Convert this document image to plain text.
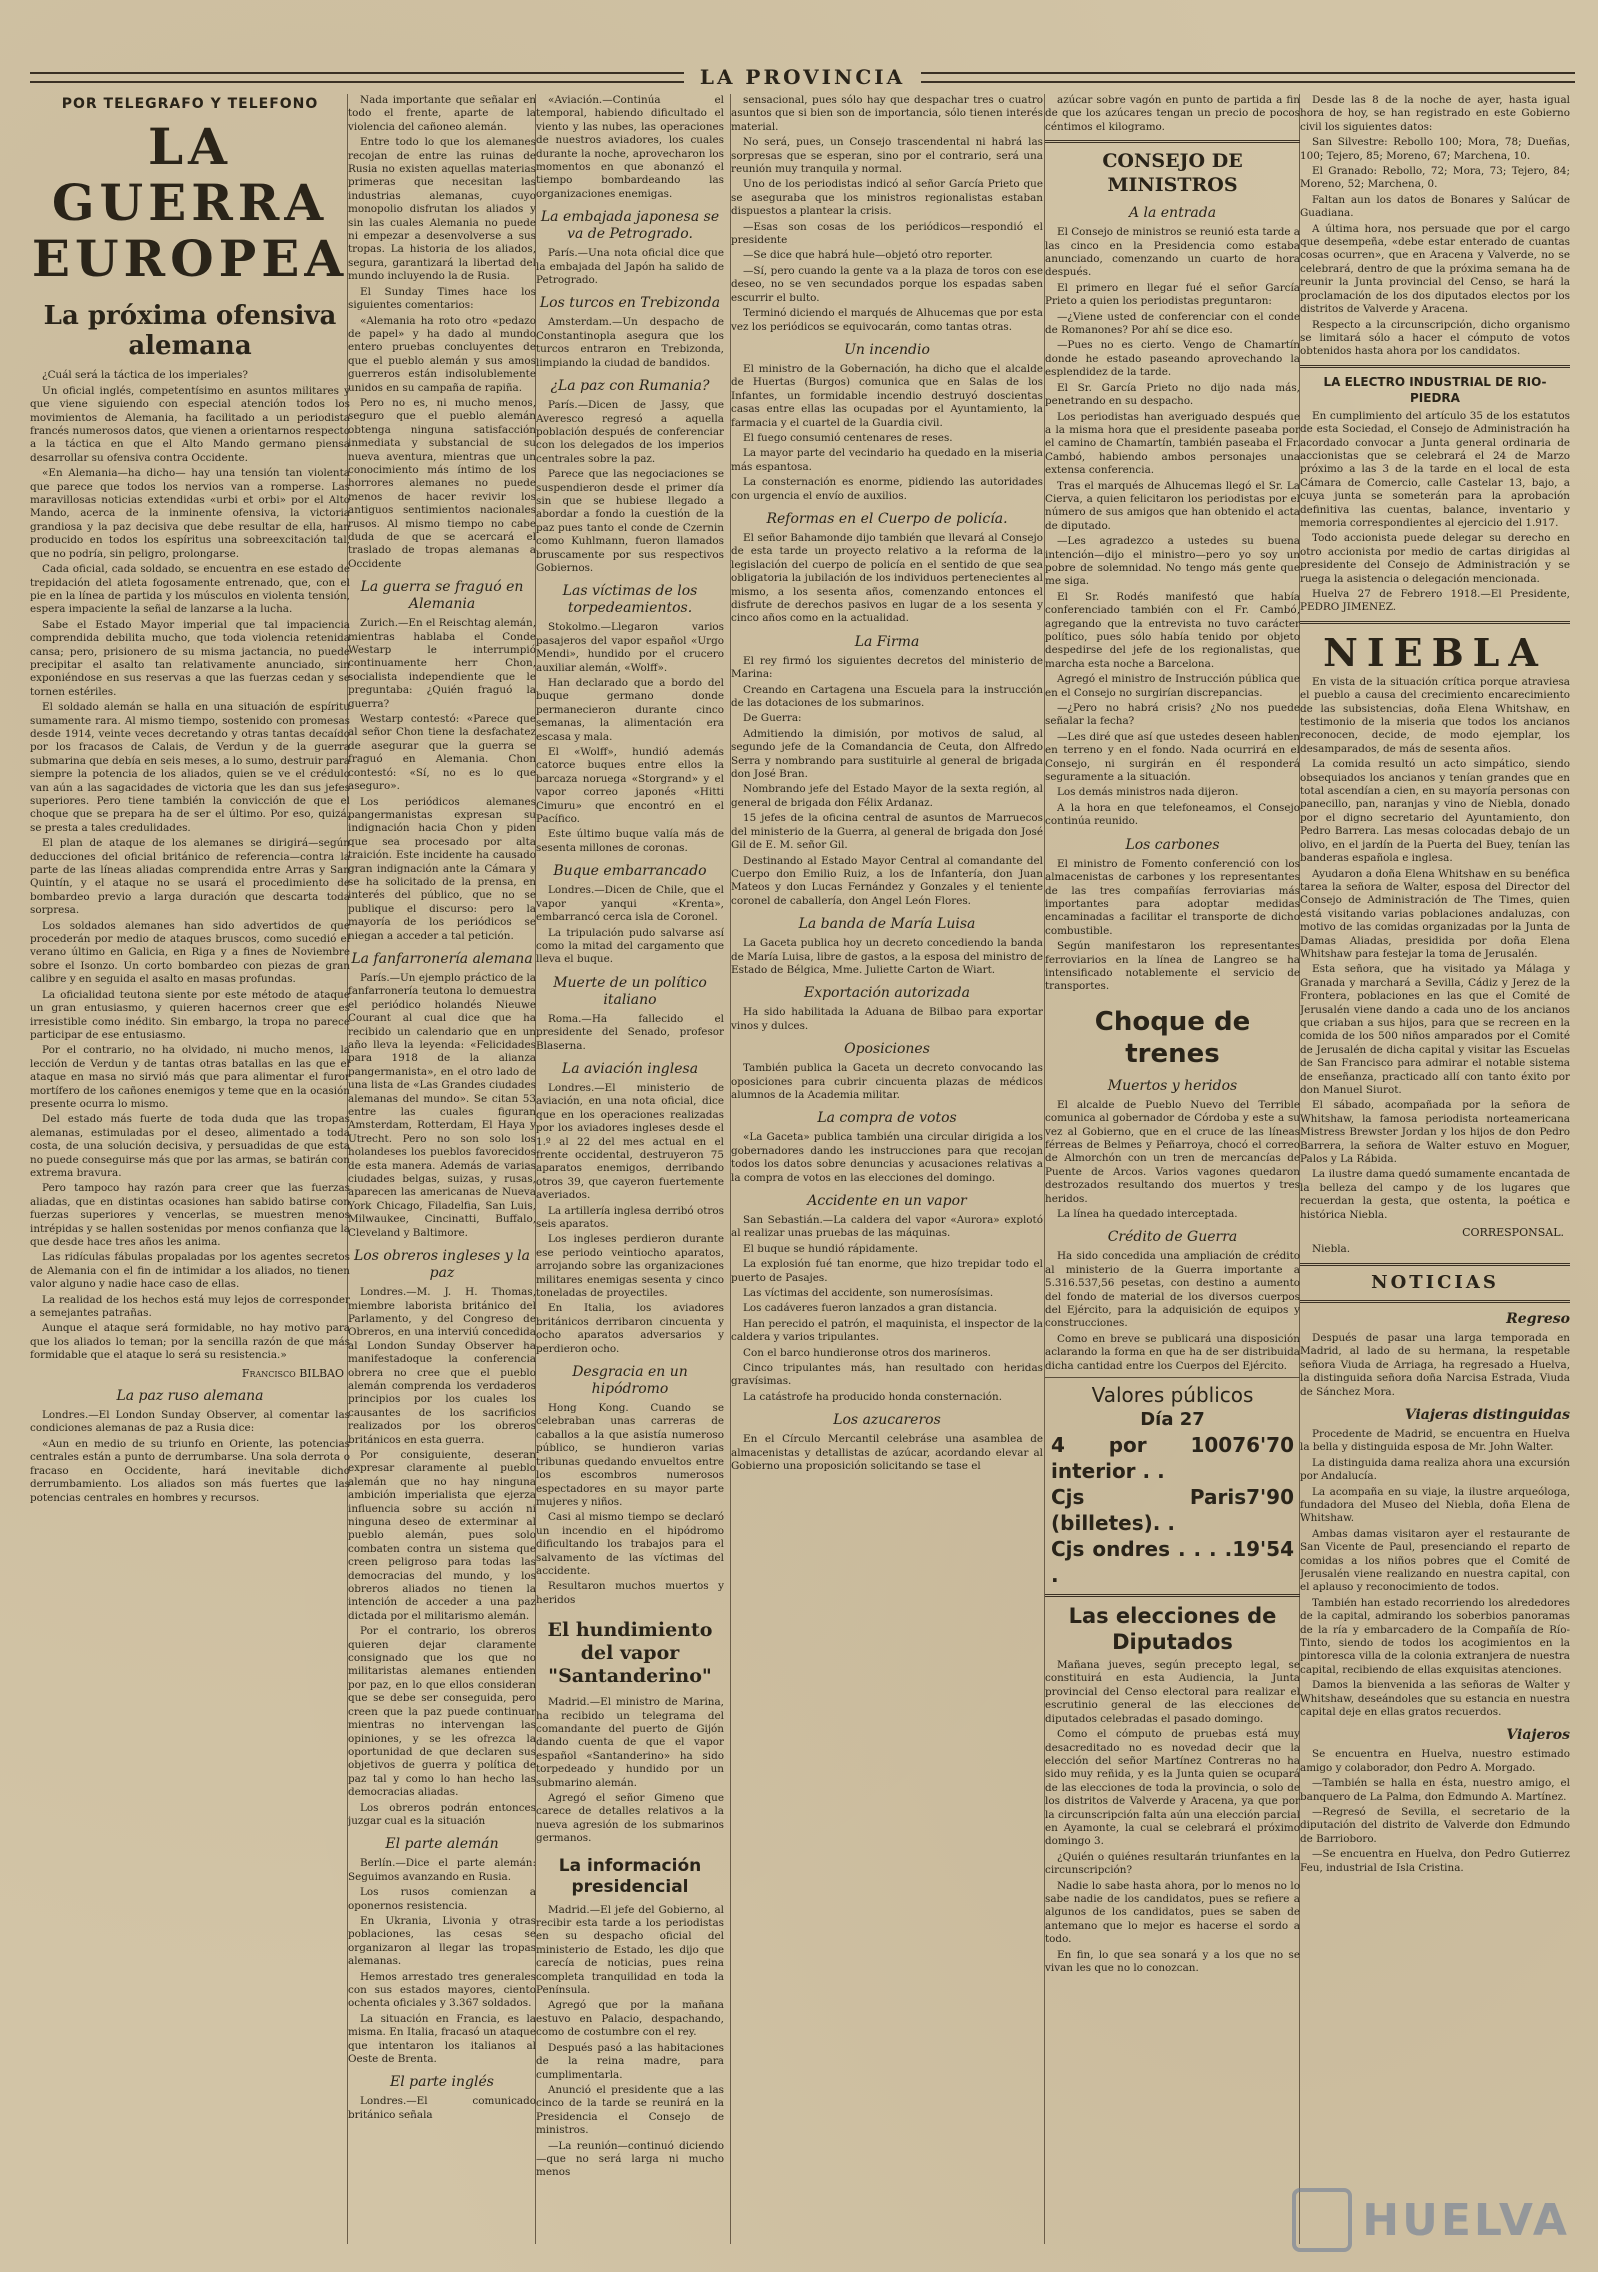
LA PROVINCIA
POR TELEGRAFO Y TELEFONO
LA GUERRA
EUROPEA
La próxima ofensiva alemana

¿Cuál será la táctica de los imperiales?

Un oficial inglés, competentísimo en asuntos militares y que viene siguiendo con especial atención todos los movimientos de Alemania, ha facilitado a un periodista francés numerosos datos, que vienen a orientarnos respecto a la táctica en que el Alto Mando germano piensa desarrollar su ofensiva contra Occidente.

«En Alemania—ha dicho— hay una tensión tan violenta que parece que todos los nervios van a romperse. Las maravillosas noticias extendidas «urbi et orbi» por el Alto Mando, acerca de la inminente ofensiva, la victoria grandiosa y la paz decisiva que debe resultar de ella, han producido en todos los espíritus una sobreexcitación tal, que no podría, sin peligro, prolongarse.

Cada oficial, cada soldado, se encuentra en ese estado de trepidación del atleta fogosamente entrenado, que, con el pie en la línea de partida y los músculos en violenta tensión, espera impaciente la señal de lanzarse a la lucha.

Sabe el Estado Mayor imperial que tal impaciencia comprendida debilita mucho, que toda violencia retenida cansa; pero, prisionero de su misma jactancia, no puede precipitar el asalto tan relativamente anunciado, sin exponiéndose en sus reservas a que las fuerzas cedan y se tornen estériles.

El soldado alemán se halla en una situación de espíritu sumamente rara. Al mismo tiempo, sostenido con promesas desde 1914, veinte veces decretando y otras tantas decaído por los fracasos de Calais, de Verdun y de la guerra submarina que debía en seis meses, a lo sumo, destruir para siempre la potencia de los aliados, quien se ve el crédulo van aún a las sagacidades de victoria que les dan sus jefes superiores. Pero tiene también la convicción de que el choque que se prepara ha de ser el último. Por eso, quizá, se presta a tales credulidades.

El plan de ataque de los alemanes se dirigirá—según deducciones del oficial británico de referencia—contra la parte de las líneas aliadas comprendida entre Arras y San Quintín, y el ataque no se usará el procedimiento de bombardeo previo a larga duración que descarta toda sorpresa.

Los soldados alemanes han sido advertidos de que procederán por medio de ataques bruscos, como sucedió el verano último en Galicia, en Riga y a fines de Noviembre sobre el Isonzo. Un corto bombardeo con piezas de gran calibre y en seguida el asalto en masas profundas.

La oficialidad teutona siente por este método de ataque un gran entusiasmo, y quieren hacernos creer que es irresistible como inédito. Sin embargo, la tropa no parece participar de ese entusiasmo.

Por el contrario, no ha olvidado, ni mucho menos, la lección de Verdun y de tantas otras batallas en las que el ataque en masa no sirvió más que para alimentar el furor mortífero de los cañones enemigos y teme que en la ocasión presente ocurra lo mismo.

Del estado más fuerte de toda duda que las tropas alemanas, estimuladas por el deseo, alimentado a toda costa, de una solución decisiva, y persuadidas de que esta no puede conseguirse más que por las armas, se batirán con extrema bravura.

Pero tampoco hay razón para creer que las fuerzas aliadas, que en distintas ocasiones han sabido batirse con fuerzas superiores y vencerlas, se muestren menos intrépidas y se hallen sostenidas por menos confianza que la que desde hace tres años les anima.

Las ridículas fábulas propaladas por los agentes secretos de Alemania con el fin de intimidar a los aliados, no tienen valor alguno y nadie hace caso de ellas.

La realidad de los hechos está muy lejos de corresponder a semejantes patrañas.

Aunque el ataque será formidable, no hay motivo para que los aliados lo teman; por la sencilla razón de que más formidable que el ataque lo será su resistencia.»

Francisco BILBAO
La paz ruso alemana

Londres.—El London Sunday Observer, al comentar las condiciones alemanas de paz a Rusia dice:

«Aun en medio de su triunfo en Oriente, las potencias centrales están a punto de derrumbarse. Una sola derrota o fracaso en Occidente, hará inevitable dicho derrumbamiento. Los aliados son más fuertes que las potencias centrales en hombres y recursos.

Nada importante que señalar en todo el frente, aparte de la violencia del cañoneo alemán.

Entre todo lo que los alemanes recojan de entre las ruinas de Rusia no existen aquellas materias primeras que necesitan las industrias alemanas, cuyo monopolio disfrutan los aliados y sin las cuales Alemania no puede ni empezar a desenvolverse a sus tropas. La historia de los aliados, segura, garantizará la libertad del mundo incluyendo la de Rusia.

El Sunday Times hace los siguientes comentarios:

«Alemania ha roto otro «pedazo de papel» y ha dado al mundo entero pruebas concluyentes de que el pueblo alemán y sus amos guerreros están indisolublemente unidos en su campaña de rapiña.

Pero no es, ni mucho menos, seguro que el pueblo alemán obtenga ninguna satisfacción inmediata y substancial de su nueva aventura, mientras que un conocimiento más íntimo de los horrores alemanes no puede menos de hacer revivir los antiguos sentimientos nacionales rusos. Al mismo tiempo no cabe duda de que se acercará el traslado de tropas alemanas a Occidente

La guerra se fraguó en Alemania

Zurich.—En el Reischtag alemán, mientras hablaba el Conde Westarp le interrumpió continuamente herr Chon, socialista independiente que le preguntaba: ¿Quién fraguó la guerra?

Westarp contestó: «Parece que al señor Chon tiene la desfachatez de asegurar que la guerra se fraguó en Alemania. Chon contestó: «Sí, no es lo que aseguro».

Los periódicos alemanes pangermanistas expresan su indignación hacia Chon y piden que sea procesado por alta traición. Este incidente ha causado gran indignación ante la Cámara y se ha solicitado de la prensa, en interés del público, que no se publique el discurso: pero la mayoría de los periódicos se niegan a acceder a tal petición.

La fanfarronería alemana

París.—Un ejemplo práctico de la fanfarronería teutona lo demuestra el periódico holandés Nieuwe Courant al cual dice que ha recibido un calendario que en un año lleva la leyenda: «Felicidades para 1918 de la alianza pangermanista», en el otro lado de una lista de «Las Grandes ciudades alemanas del mundo». Se citan 53 entre las cuales figuran Amsterdam, Rotterdam, El Haya y Utrecht. Pero no son solo los holandeses los pueblos favorecidos de esta manera. Además de varias ciudades belgas, suizas, y rusas, aparecen las americanas de Nueva York Chicago, Filadelfia, San Luis, Milwaukee, Cincinatti, Buffalo, Cleveland y Baltimore.

Los obreros ingleses y la paz

Londres.—M. J. H. Thomas, miembre laborista británico del Parlamento, y del Congreso de Obreros, en una interviú concedida al London Sunday Observer ha manifestadoque la conferencia obrera no cree que el pueblo alemán comprenda los verdaderos principios por los cuales los causantes de los sacrificios realizados por los obreros británicos en esta guerra.

Por consiguiente, deseran expresar claramente al pueblo alemán que no hay ninguna ambición imperialista que ejerza influencia sobre su acción ni ninguna deseo de exterminar al pueblo alemán, pues solo combaten contra un sistema que creen peligroso para todas las democracias del mundo, y los obreros aliados no tienen la intención de acceder a una paz dictada por el militarismo alemán.

Por el contrario, los obreros quieren dejar claramente consignado que los que no militaristas alemanes entienden por paz, en lo que ellos consideran que se debe ser conseguida, pero creen que la paz puede continuar mientras no intervengan las opiniones, y se les ofrezca la oportunidad de que declaren sus objetivos de guerra y política de paz tal y como lo han hecho las democracias aliadas.

Los obreros podrán entonces juzgar cual es la situación

El parte alemán

Berlín.—Dice el parte alemán: Seguimos avanzando en Rusia.

Los rusos comienzan a oponernos resistencia.

En Ukrania, Livonia y otras poblaciones, las cesas se organizaron al llegar las tropas alemanas.

Hemos arrestado tres generales con sus estados mayores, ciento ochenta oficiales y 3.367 soldados.

La situación en Francia, es la misma. En Italia, fracasó un ataque que intentaron los italianos al Oeste de Brenta.

El parte inglés

Londres.—El comunicado británico señala

«Aviación.—Continúa el temporal, habiendo dificultado el viento y las nubes, las operaciones de nuestros aviadores, los cuales durante la noche, aprovecharon los momentos en que abonanzó el tiempo bombardeando las organizaciones enemigas.

La embajada japonesa se va de Petrogrado.

París.—Una nota oficial dice que la embajada del Japón ha salido de Petrogrado.

Los turcos en Trebizonda

Amsterdam.—Un despacho de Constantinopla asegura que los turcos entraron en Trebizonda, limpiando la ciudad de bandidos.

¿La paz con Rumania?

París.—Dicen de Jassy, que Averesco regresó a aquella población después de conferenciar con los delegados de los imperios centrales sobre la paz.

Parece que las negociaciones se suspendieron desde el primer día sin que se hubiese llegado a abordar a fondo la cuestión de la paz pues tanto el conde de Czernin como Kuhlmann, fueron llamados bruscamente por sus respectivos Gobiernos.

Las víctimas de los torpedeamientos.

Stokolmo.—Llegaron varios pasajeros del vapor español «Urgo Mendi», hundido por el crucero auxiliar alemán, «Wolff».

Han declarado que a bordo del buque germano donde permanecieron durante cinco semanas, la alimentación era escasa y mala.

El «Wolff», hundió además catorce buques entre ellos la barcaza noruega «Storgrand» y el vapor correo japonés «Hitti Cimuru» que encontró en el Pacífico.

Este último buque valía más de sesenta millones de coronas.

Buque embarrancado

Londres.—Dicen de Chile, que el vapor yanqui «Krenta», embarrancó cerca isla de Coronel.

La tripulación pudo salvarse así como la mitad del cargamento que lleva el buque.

Muerte de un político italiano

Roma.—Ha fallecido el presidente del Senado, profesor Blaserna.

La aviación inglesa

Londres.—El ministerio de aviación, en una nota oficial, dice que en los operaciones realizadas por los aviadores ingleses desde el 1.º al 22 del mes actual en el frente occidental, destruyeron 75 aparatos enemigos, derribando otros 39, que cayeron fuertemente averiados.

La artillería inglesa derribó otros seis aparatos.

Los ingleses perdieron durante ese periodo veintiocho aparatos, arrojando sobre las organizaciones militares enemigas sesenta y cinco toneladas de proyectiles.

En Italia, los aviadores británicos derribaron cincuenta y ocho aparatos adversarios y perdieron ocho.

Desgracia en un hipódromo

Hong Kong. Cuando se celebraban unas carreras de caballos a la que asistía numeroso público, se hundieron varias tribunas quedando envueltos entre los escombros numerosos espectadores en su mayor parte mujeres y niños.

Casi al mismo tiempo se declaró un incendio en el hipódromo dificultando los trabajos para el salvamento de las víctimas del accidente.

Resultaron muchos muertos y heridos

El hundimiento del vapor "Santanderino"

Madrid.—El ministro de Marina, ha recibido un telegrama del comandante del puerto de Gijón dando cuenta de que el vapor español «Santanderino» ha sido torpedeado y hundido por un submarino alemán.

Agregó el señor Gimeno que carece de detalles relativos a la nueva agresión de los submarinos germanos.

La información presidencial

Madrid.—El jefe del Gobierno, al recibir esta tarde a los periodistas en su despacho oficial del ministerio de Estado, les dijo que carecía de noticias, pues reina completa tranquilidad en toda la Península.

Agregó que por la mañana estuvo en Palacio, despachando, como de costumbre con el rey.

Después pasó a las habitaciones de la reina madre, para cumplimentarla.

Anunció el presidente que a las cinco de la tarde se reunirá en la Presidencia el Consejo de ministros.

—La reunión—continuó diciendo—que no será larga ni mucho menos

sensacional, pues sólo hay que despachar tres o cuatro asuntos que si bien son de importancia, sólo tienen interés material.

No será, pues, un Consejo trascendental ni habrá las sorpresas que se esperan, sino por el contrario, será una reunión muy tranquila y normal.

Uno de los periodistas indicó al señor García Prieto que se aseguraba que los ministros regionalistas estaban dispuestos a plantear la crisis.

—Esas son cosas de los periódicos—respondió el presidente

—Se dice que habrá hule—objetó otro reporter.

—Sí, pero cuando la gente va a la plaza de toros con ese deseo, no se ven secundados porque los espadas saben escurrir el bulto.

Terminó diciendo el marqués de Alhucemas que por esta vez los periódicos se equivocarán, como tantas otras.

Un incendio

El ministro de la Gobernación, ha dicho que el alcalde de Huertas (Burgos) comunica que en Salas de los Infantes, un formidable incendio destruyó doscientas casas entre ellas las ocupadas por el Ayuntamiento, la farmacia y el cuartel de la Guardia civil.

El fuego consumió centenares de reses.

La mayor parte del vecindario ha quedado en la miseria más espantosa.

La consternación es enorme, pidiendo las autoridades con urgencia el envío de auxilios.

Reformas en el Cuerpo de policía.

El señor Bahamonde dijo también que llevará al Consejo de esta tarde un proyecto relativo a la reforma de la legislación del cuerpo de policía en el sentido de que sea obligatoria la jubilación de los individuos pertenecientes al mismo, a los sesenta años, comenzando entonces el disfrute de derechos pasivos en lugar de a los sesenta y cinco años como en la actualidad.

La Firma

El rey firmó los siguientes decretos del ministerio de Marina:

Creando en Cartagena una Escuela para la instrucción de las dotaciones de los submarinos.

De Guerra:

Admitiendo la dimisión, por motivos de salud, al segundo jefe de la Comandancia de Ceuta, don Alfredo Serra y nombrando para sustituirle al general de brigada don José Bran.

Nombrando jefe del Estado Mayor de la sexta región, al general de brigada don Félix Ardanaz.

15 jefes de la oficina central de asuntos de Marruecos del ministerio de la Guerra, al general de brigada don José Gil de E. M. señor Gil.

Destinando al Estado Mayor Central al comandante del Cuerpo don Emilio Ruiz, a los de Infantería, don Juan Mateos y don Lucas Fernández y Gonzales y el teniente coronel de caballería, don Angel León Flores.

La banda de María Luisa

La Gaceta publica hoy un decreto concediendo la banda de María Luisa, libre de gastos, a la esposa del ministro de Estado de Bélgica, Mme. Juliette Carton de Wiart.

Exportación autorizada

Ha sido habilitada la Aduana de Bilbao para exportar vinos y dulces.

Oposiciones

También publica la Gaceta un decreto convocando las oposiciones para cubrir cincuenta plazas de médicos alumnos de la Academia militar.

La compra de votos

«La Gaceta» publica también una circular dirigida a los gobernadores dando les instrucciones para que recojan todos los datos sobre denuncias y acusaciones relativas a la compra de votos en las elecciones del domingo.

Accidente en un vapor

San Sebastián.—La caldera del vapor «Aurora» explotó al realizar unas pruebas de las máquinas.

El buque se hundió rápidamente.

La explosión fué tan enorme, que hizo trepidar todo el puerto de Pasajes.

Las víctimas del accidente, son numerosísimas.

Los cadáveres fueron lanzados a gran distancia.

Han perecido el patrón, el maquinista, el inspector de la caldera y varios tripulantes.

Con el barco hundieronse otros dos marineros.

Cinco tripulantes más, han resultado con heridas gravísimas.

La catástrofe ha producido honda consternación.

Los azucareros

En el Círculo Mercantil celebráse una asamblea de almacenistas y detallistas de azúcar, acordando elevar al Gobierno una proposición solicitando se tase el

azúcar sobre vagón en punto de partida a fin de que los azúcares tengan un precio de pocos céntimos el kilogramo.

CONSEJO DE MINISTROS
A la entrada

El Consejo de ministros se reunió esta tarde a las cinco en la Presidencia como estaba anunciado, comenzando un cuarto de hora después.

El primero en llegar fué el señor García Prieto a quien los periodistas preguntaron:

—¿Viene usted de conferenciar con el conde de Romanones? Por ahí se dice eso.

—Pues no es cierto. Vengo de Chamartín donde he estado paseando aprovechando la esplendidez de la tarde.

El Sr. García Prieto no dijo nada más, penetrando en su despacho.

Los periodistas han averiguado después que a la misma hora que el presidente paseaba por el camino de Chamartín, también paseaba el Fr. Cambó, habiendo ambos personajes una extensa conferencia.

Tras el marqués de Alhucemas llegó el Sr. La Cierva, a quien felicitaron los periodistas por el número de sus amigos que han obtenido el acta de diputado.

—Les agradezco a ustedes su buena intención—dijo el ministro—pero yo soy un pobre de solemnidad. No tengo más gente que me siga.

El Sr. Rodés manifestó que había conferenciado también con el Fr. Cambó, agregando que la entrevista no tuvo carácter político, pues sólo había tenido por objeto despedirse del jefe de los regionalistas, que marcha esta noche a Barcelona.

Agregó el ministro de Instrucción pública que en el Consejo no surgirían discrepancias.

—¿Pero no habrá crisis? ¿No nos puede señalar la fecha?

—Les diré que así que ustedes deseen hablen en terreno y en el fondo. Nada ocurrirá en el Consejo, ni surgirán en él responderá seguramente a la situación.

Los demás ministros nada dijeron.

A la hora en que telefoneamos, el Consejo continúa reunido.

Los carbones

El ministro de Fomento conferenció con los almacenistas de carbones y los representantes de las tres compañías ferroviarias más importantes para adoptar medidas encaminadas a facilitar el transporte de dicho combustible.

Según manifestaron los representantes ferroviarios en la línea de Langreo se ha intensificado notablemente el servicio de transportes.

Choque de trenes
Muertos y heridos

El alcalde de Pueblo Nuevo del Terrible comunica al gobernador de Córdoba y este a su vez al Gobierno, que en el cruce de las líneas férreas de Belmes y Peñarroya, chocó el correo de Almorchón con un tren de mercancías de Puente de Arcos. Varios vagones quedaron destrozados resultando dos muertos y tres heridos.

La línea ha quedado interceptada.

Crédito de Guerra

Ha sido concedida una ampliación de crédito al ministerio de la Guerra importante a 5.316.537,56 pesetas, con destino a aumento del fondo de material de los diversos cuerpos del Ejército, para la adquisición de equipos y construcciones.

Como en breve se publicará una disposición aclarando la forma en que ha de ser distribuida dicha cantidad entre los Cuerpos del Ejército.

Valores públicos
Día 27
4 por 100 interior . .
76'70
Cjs Paris (billetes). .
7'90
Cjs ondres . . . . .
19'54
Las elecciones de Diputados

Mañana jueves, según precepto legal, se constituirá en esta Audiencia, la Junta provincial del Censo electoral para realizar el escrutinio general de las elecciones de diputados celebradas el pasado domingo.

Como el cómputo de pruebas está muy desacreditado no es novedad decir que la elección del señor Martínez Contreras no ha sido muy reñida, y es la Junta quien se ocupará de las elecciones de toda la provincia, o solo de los distritos de Valverde y Aracena, ya que por la circunscripción falta aún una elección parcial en Ayamonte, la cual se celebrará el próximo domingo 3.

¿Quién o quiénes resultarán triunfantes en la circunscripción?

Nadie lo sabe hasta ahora, por lo menos no lo sabe nadie de los candidatos, pues se refiere a algunos de los candidatos, pues se saben de antemano que lo mejor es hacerse el sordo a todo.

En fin, lo que sea sonará y a los que no se vivan les que no lo conozcan.

Desde las 8 de la noche de ayer, hasta igual hora de hoy, se han registrado en este Gobierno civil los siguientes datos:

San Silvestre: Rebollo 100; Mora, 78; Dueñas, 100; Tejero, 85; Moreno, 67; Marchena, 10.

El Granado: Rebollo, 72; Mora, 73; Tejero, 84; Moreno, 52; Marchena, 0.

Faltan aun los datos de Bonares y Salúcar de Guadiana.

A última hora, nos persuade que por el cargo que desempeña, «debe estar enterado de cuantas cosas ocurren», que en Aracena y Valverde, no se celebrará, dentro de que la próxima semana ha de reunir la Junta provincial del Censo, se hará la proclamación de los dos diputados electos por los distritos de Valverde y Aracena.

Respecto a la circunscripción, dicho organismo se limitará sólo a hacer el cómputo de votos obtenidos hasta ahora por los candidatos.

LA ELECTRO INDUSTRIAL DE RIO-PIEDRA

En cumplimiento del artículo 35 de los estatutos de esta Sociedad, el Consejo de Administración ha acordado convocar a Junta general ordinaria de accionistas que se celebrará el 24 de Marzo próximo a las 3 de la tarde en el local de esta Cámara de Comercio, calle Castelar 13, bajo, a cuya junta se someterán para la aprobación definitiva las cuentas, balance, inventario y memoria correspondientes al ejercicio del 1.917.

Todo accionista puede delegar su derecho en otro accionista por medio de cartas dirigidas al presidente del Consejo de Administración y se ruega la asistencia o delegación mencionada.

Huelva 27 de Febrero 1918.—El Presidente, PEDRO JIMENEZ.

NIEBLA

En vista de la situación crítica porque atraviesa el pueblo a causa del crecimiento encarecimiento de las subsistencias, doña Elena Whitshaw, en testimonio de la miseria que todos los ancianos reconocen, decide, de modo ejemplar, los desamparados, de más de sesenta años.

La comida resultó un acto simpático, siendo obsequiados los ancianos y tenían grandes que en total ascendían a cien, en su mayoría personas con panecillo, pan, naranjas y vino de Niebla, donado por el digno secretario del Ayuntamiento, don Pedro Barrera. Las mesas colocadas debajo de un olivo, en el jardín de la Puerta del Buey, tenían las banderas española e inglesa.

Ayudaron a doña Elena Whitshaw en su benéfica tarea la señora de Walter, esposa del Director del Consejo de Administración de The Times, quien está visitando varias poblaciones andaluzas, con motivo de las comidas organizadas por la Junta de Damas Aliadas, presidida por doña Elena Whitshaw para festejar la toma de Jerusalén.

Esta señora, que ha visitado ya Málaga y Granada y marchará a Sevilla, Cádiz y Jerez de la Frontera, poblaciones en las que el Comité de Jerusalén viene dando a cada uno de los ancianos que criaban a sus hijos, para que se recreen en la comida de los 500 niños amparados por el Comité de Jerusalén de dicha capital y visitar las Escuelas de San Francisco para admirar el notable sistema de enseñanza, practicado allí con tanto éxito por don Manuel Siurot.

El sábado, acompañada por la señora de Whitshaw, la famosa periodista norteamericana Mistress Brewster Jordan y los hijos de don Pedro Barrera, la señora de Walter estuvo en Moguer, Palos y La Rábida.

La ilustre dama quedó sumamente encantada de la belleza del campo y de los lugares que recuerdan la gesta, que ostenta, la poética e histórica Niebla.

CORRESPONSAL.

Niebla.

NOTICIAS
Regreso

Después de pasar una larga temporada en Madrid, al lado de su hermana, la respetable señora Viuda de Arriaga, ha regresado a Huelva, la distinguida señora doña Narcisa Estrada, Viuda de Sánchez Mora.

Viajeras distinguidas

Procedente de Madrid, se encuentra en Huelva la bella y distinguida esposa de Mr. John Walter.

La distinguida dama realiza ahora una excursión por Andalucía.

La acompaña en su viaje, la ilustre arqueóloga, fundadora del Museo del Niebla, doña Elena de Whitshaw.

Ambas damas visitaron ayer el restaurante de San Vicente de Paul, presenciando el reparto de comidas a los niños pobres que el Comité de Jerusalén viene realizando en nuestra capital, con el aplauso y reconocimiento de todos.

También han estado recorriendo los alrededores de la capital, admirando los soberbios panoramas de la ría y embarcadero de la Compañía de Río-Tinto, siendo de todos los acogimientos en la pintoresca villa de la colonia extranjera de nuestra capital, recibiendo de ellas exquisitas atenciones.

Damos la bienvenida a las señoras de Walter y Whitshaw, deseándoles que su estancia en nuestra capital deje en ellas gratos recuerdos.

Viajeros

Se encuentra en Huelva, nuestro estimado amigo y colaborador, don Pedro A. Morgado.

—También se halla en ésta, nuestro amigo, el banquero de La Palma, don Edmundo A. Martínez.

—Regresó de Sevilla, el secretario de la diputación del distrito de Valverde don Edmundo de Barrioboro.

—Se encuentra en Huelva, don Pedro Gutierrez Feu, industrial de Isla Cristina.

HUELVA
